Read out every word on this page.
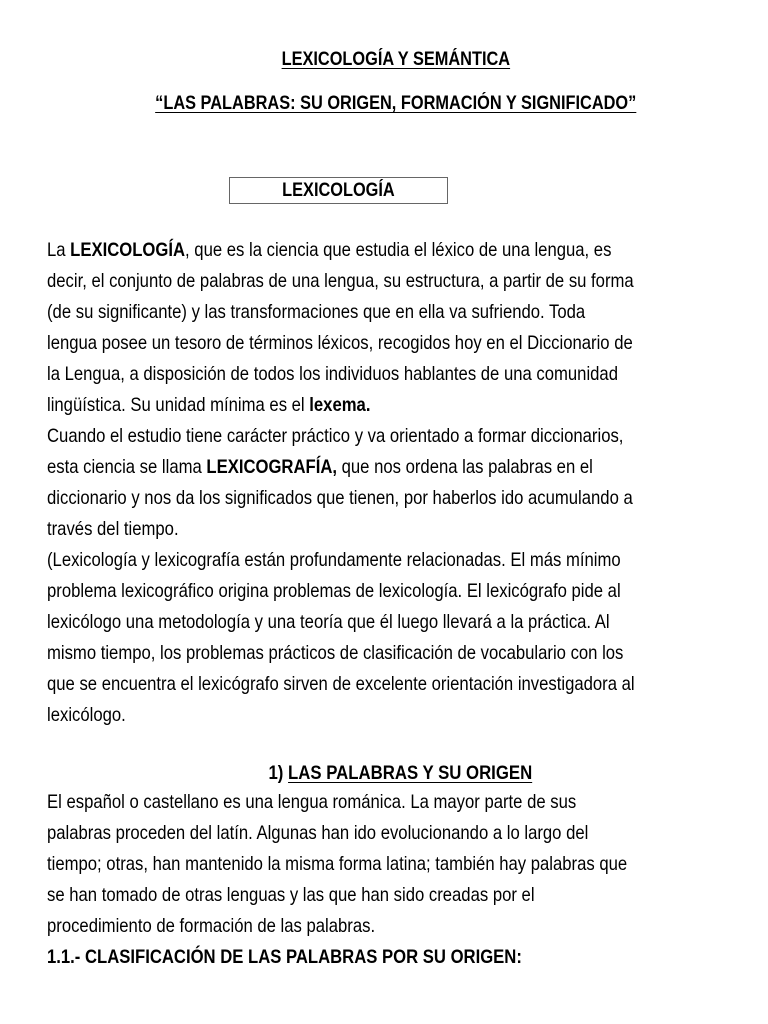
LEXICOLOGÍA Y SEMÁNTICA
“LAS PALABRAS: SU ORIGEN, FORMACIÓN Y SIGNIFICADO”
LEXICOLOGÍA
La LEXICOLOGÍA, que es la ciencia que estudia el léxico de una lengua, es
decir, el conjunto de palabras de una lengua, su estructura, a partir de su forma
(de su significante) y las transformaciones que en ella va sufriendo. Toda
lengua posee un tesoro de términos léxicos, recogidos hoy en el Diccionario de
la Lengua, a disposición de todos los individuos hablantes de una comunidad
lingüística. Su unidad mínima es el lexema.
Cuando el estudio tiene carácter práctico y va orientado a formar diccionarios,
esta ciencia se llama LEXICOGRAFÍA, que nos ordena las palabras en el
diccionario y nos da los significados que tienen, por haberlos ido acumulando a
través del tiempo.
(Lexicología y lexicografía están profundamente relacionadas. El más mínimo
problema lexicográfico origina problemas de lexicología. El lexicógrafo pide al
lexicólogo una metodología y una teoría que él luego llevará a la práctica. Al
mismo tiempo, los problemas prácticos de clasificación de vocabulario con los
que se encuentra el lexicógrafo sirven de excelente orientación investigadora al
lexicólogo.
1) LAS PALABRAS Y SU ORIGEN
El español o castellano es una lengua románica. La mayor parte de sus
palabras proceden del latín. Algunas han ido evolucionando a lo largo del
tiempo; otras, han mantenido la misma forma latina; también hay palabras que
se han tomado de otras lenguas y las que han sido creadas por el
procedimiento de formación de las palabras.
1.1.- CLASIFICACIÓN DE LAS PALABRAS POR SU ORIGEN:
